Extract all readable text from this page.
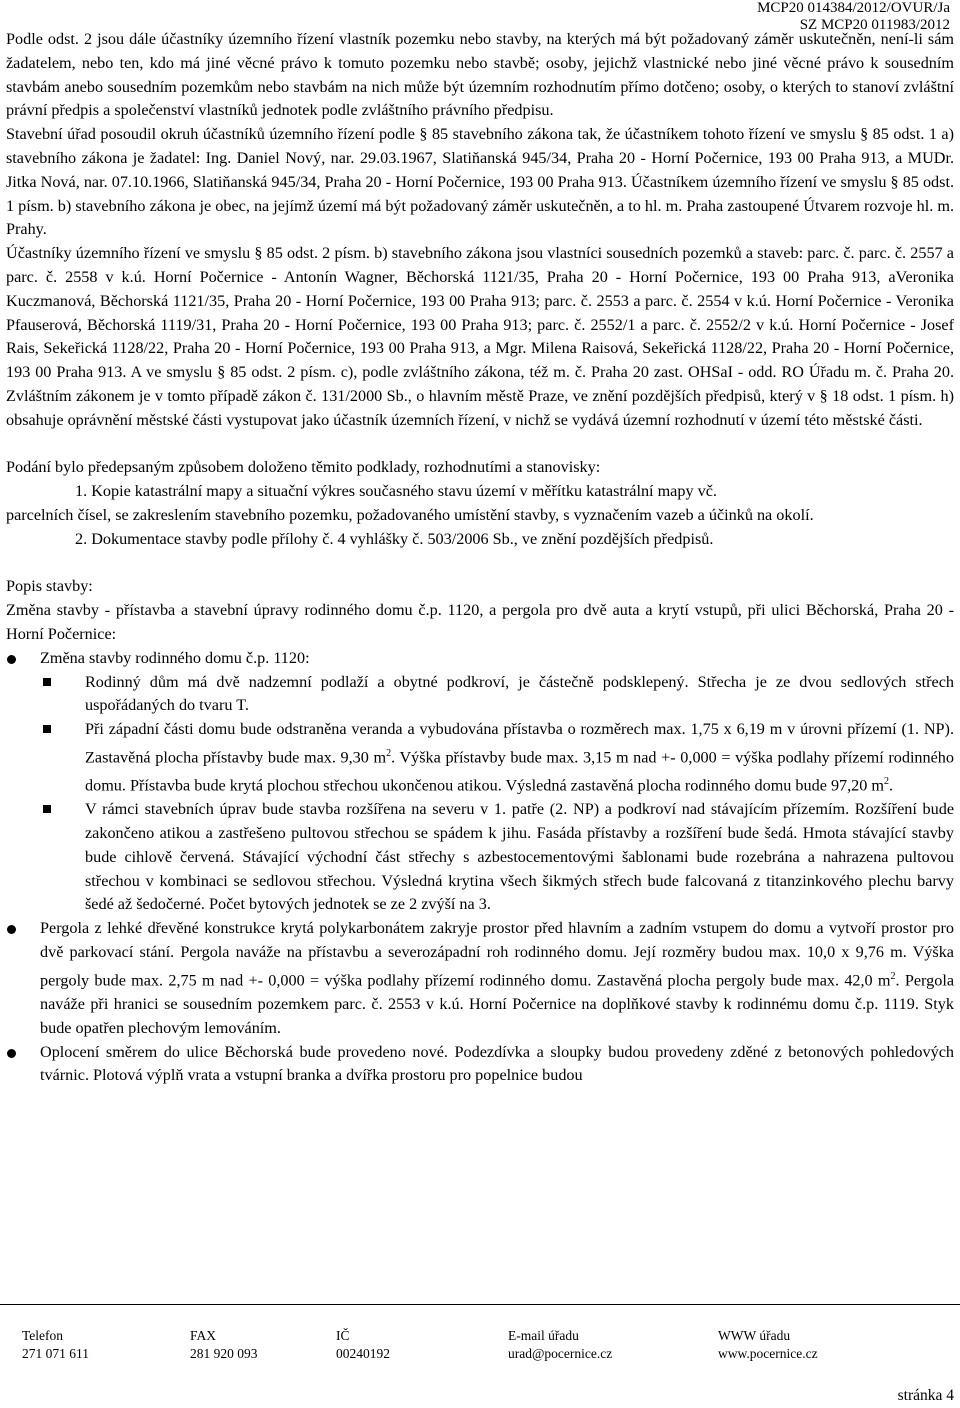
MCP20 014384/2012/OVUR/Ja
SZ MCP20 011983/2012
Podle odst. 2 jsou dále účastníky územního řízení vlastník pozemku nebo stavby, na kterých má být požadovaný záměr uskutečněn, není-li sám žadatelem, nebo ten, kdo má jiné věcné právo k tomuto pozemku nebo stavbě; osoby, jejichž vlastnické nebo jiné věcné právo k sousedním stavbám anebo sousedním pozemkům nebo stavbám na nich může být územním rozhodnutím přímo dotčeno; osoby, o kterých to stanoví zvláštní právní předpis a společenství vlastníků jednotek podle zvláštního právního předpisu.
Stavební úřad posoudil okruh účastníků územního řízení podle § 85 stavebního zákona tak, že účastníkem tohoto řízení ve smyslu § 85 odst. 1 a) stavebního zákona je žadatel: Ing. Daniel Nový, nar. 29.03.1967, Slatiňanská 945/34, Praha 20 - Horní Počernice, 193 00 Praha 913, a MUDr. Jitka Nová, nar. 07.10.1966, Slatiňanská 945/34, Praha 20 - Horní Počernice, 193 00 Praha 913. Účastníkem územního řízení ve smyslu § 85 odst. 1 písm. b) stavebního zákona je obec, na jejímž území má být požadovaný záměr uskutečněn, a to hl. m. Praha zastoupené Útvarem rozvoje hl. m. Prahy.
Účastníky územního řízení ve smyslu § 85 odst. 2 písm. b) stavebního zákona jsou vlastníci sousedních pozemků a staveb: parc. č. parc. č. 2557 a parc. č. 2558 v k.ú. Horní Počernice - Antonín Wagner, Běchorská 1121/35, Praha 20 - Horní Počernice, 193 00 Praha 913, aVeronika Kuczmanová, Běchorská 1121/35, Praha 20 - Horní Počernice, 193 00 Praha 913; parc. č. 2553 a parc. č. 2554 v k.ú. Horní Počernice - Veronika Pfauserová, Běchorská 1119/31, Praha 20 - Horní Počernice, 193 00 Praha 913; parc. č. 2552/1 a parc. č. 2552/2 v k.ú. Horní Počernice - Josef Rais, Sekeřická 1128/22, Praha 20 - Horní Počernice, 193 00 Praha 913, a Mgr. Milena Raisová, Sekeřická 1128/22, Praha 20 - Horní Počernice, 193 00 Praha 913. A ve smyslu § 85 odst. 2 písm. c), podle zvláštního zákona, též m. č. Praha 20 zast. OHSaI - odd. RO Úřadu m. č. Praha 20. Zvláštním zákonem je v tomto případě zákon č. 131/2000 Sb., o hlavním městě Praze, ve znění pozdějších předpisů, který v § 18 odst. 1 písm. h) obsahuje oprávnění městské části vystupovat jako účastník územních řízení, v nichž se vydává územní rozhodnutí v území této městské části.
Podání bylo předepsaným způsobem doloženo těmito podklady, rozhodnutími a stanovisky:
1. Kopie katastrální mapy a situační výkres současného stavu území v měřítku katastrální mapy vč.
parcelních čísel, se zakreslením stavebního pozemku, požadovaného umístění stavby, s vyznačením vazeb a účinků na okolí.
2. Dokumentace stavby podle přílohy č. 4 vyhlášky č. 503/2006 Sb., ve znění pozdějších předpisů.
Popis stavby:
Změna stavby - přístavba a stavební úpravy rodinného domu č.p. 1120, a pergola pro dvě auta a krytí vstupů, při ulici Běchorská, Praha 20 - Horní Počernice:
Změna stavby rodinného domu č.p. 1120:
Rodinný dům má dvě nadzemní podlaží a obytné podkroví, je částečně podsklepený. Střecha je ze dvou sedlových střech uspořádaných do tvaru T.
Při západní části domu bude odstraněna veranda a vybudována přístavba o rozměrech max. 1,75 x 6,19 m v úrovni přízemí (1. NP). Zastavěná plocha přístavby bude max. 9,30 $m^2$. Výška přístavby bude max. 3,15 m nad +- 0,000 = výška podlahy přízemí rodinného domu. Přístavba bude krytá plochou střechou ukončenou atikou. Výsledná zastavěná plocha rodinného domu bude 97,20 $m^2$.
V rámci stavebních úprav bude stavba rozšířena na severu v 1. patře (2. NP) a podkroví nad stávajícím přízemím. Rozšíření bude zakončeno atikou a zastřešeno pultovou střechou se spádem k jihu. Fasáda přístavby a rozšíření bude šedá. Hmota stávající stavby bude cihlově červená. Stávající východní část střechy s azbestocementovými šablonami bude rozebrána a nahrazena pultovou střechou v kombinaci se sedlovou střechou. Výsledná krytina všech šikmých střech bude falcovaná z titanzinkového plechu barvy šedé až šedočerné. Počet bytových jednotek se ze 2 zvýší na 3.
Pergola z lehké dřevěné konstrukce krytá polykarbonátem zakryje prostor před hlavním a zadním vstupem do domu a vytvoří prostor pro dvě parkovací stání. Pergola naváže na přístavbu a severozápadní roh rodinného domu. Její rozměry budou max. 10,0 x 9,76 m. Výška pergoly bude max. 2,75 m nad +- 0,000 = výška podlahy přízemí rodinného domu. Zastavěná plocha pergoly bude max. 42,0 $m^2$. Pergola naváže při hranici se sousedním pozemkem parc. č. 2553 v k.ú. Horní Počernice na doplňkové stavby k rodinnému domu č.p. 1119. Styk bude opatřen plechovým lemováním.
Oplocení směrem do ulice Běchorská bude provedeno nové. Podezdívka a sloupky budou provedeny zděné z betonových pohledových tvárnic. Plotová výplň vrata a vstupní branka a dvířka prostoru pro popelnice budou
Telefon
271 071 611
FAX
281 920 093
IČ
00240192
E-mail úřadu
urad@pocernice.cz
WWW úřadu
www.pocernice.cz
stránka 4
